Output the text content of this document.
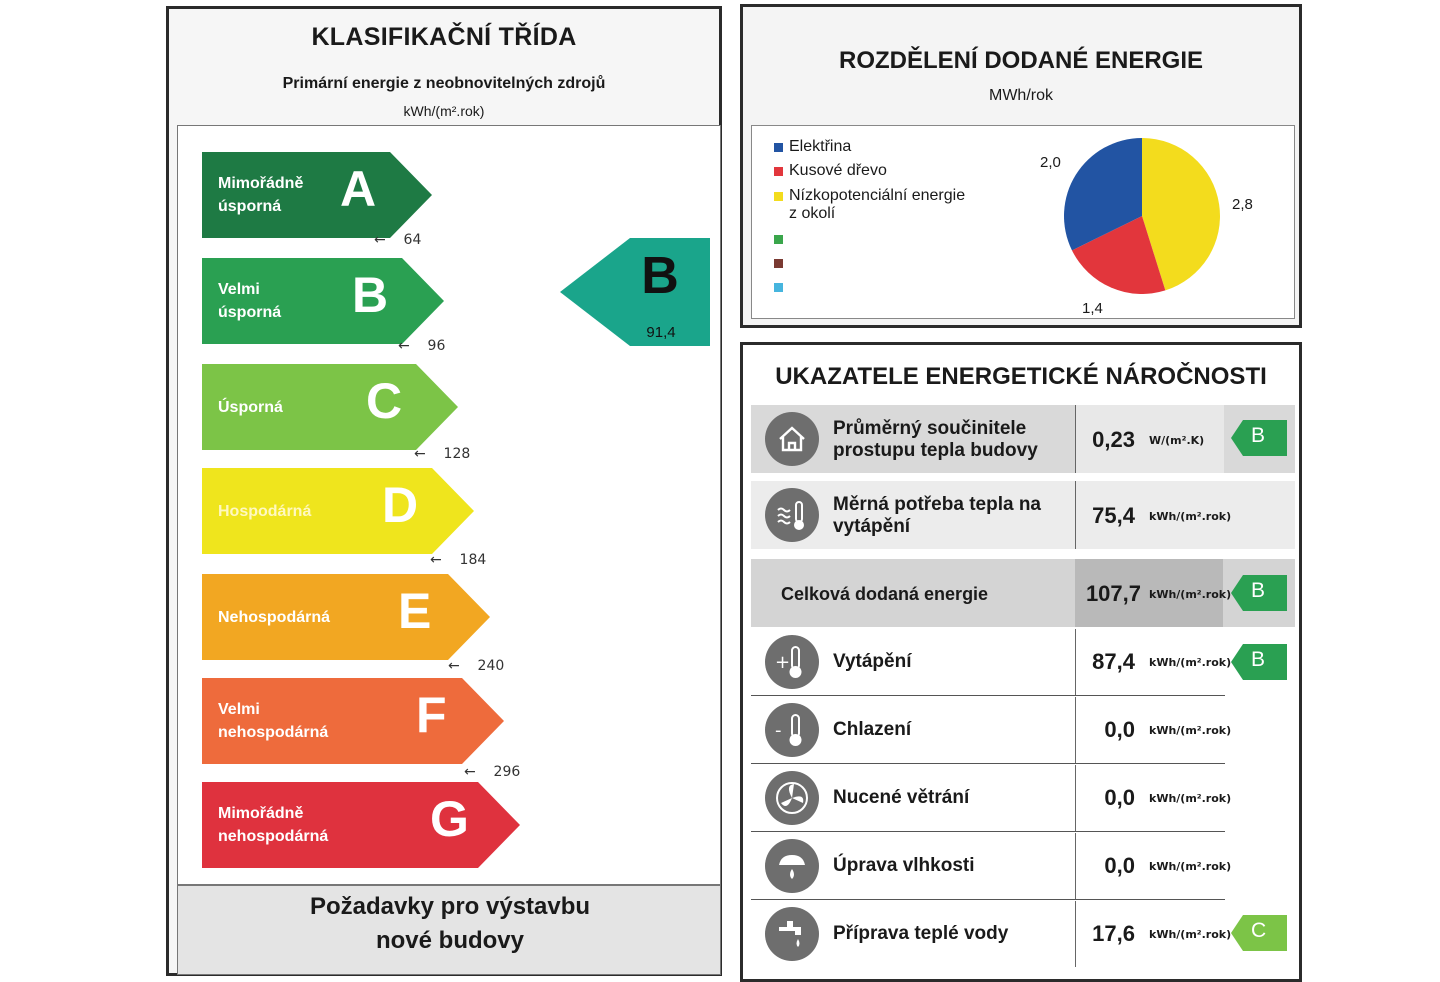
KLASIFIKAČNÍ TŘÍDA
Primární energie z neobnovitelných zdrojů
kWh/(m².rok)
Mimořádně
úsporná	A
← 64
Velmi
úsporná B
← 96
Úsporná C
← 128
Hospodárná D
← 184
Nehospodárná E
← 240
Velmi
nehospodárná F
← 296
Mimořádně
nehospodárná G
Požadavky pro výstavbu
nové budovy
B
91,4
ROZDĚLENÍ DODANÉ ENERGIE
MWh/rok
Elektřina
Kusové dřevo
Nízkopotenciální energie
z okolí
2,0
2,8
1,4
UKAZATELE ENERGETICKÉ NÁROČNOSTI
Průměrný součinitele
prostupu tepla budovy	0,23 W/(m².K) B
Měrná potřeba tepla na
vytápění	75,4 kWh/(m².rok)
Celková dodaná energie	107,7 kWh/(m².rok) B
+ Vytápění	87,4 kWh/(m².rok) B
-	Chlazení	0,0 kWh/(m².rok)
Nucené větrání	0,0 kWh/(m².rok)
Úprava vlhkosti	0,0 kWh/(m².rok)
Příprava teplé vody	17,6 kWh/(m².rok) C
